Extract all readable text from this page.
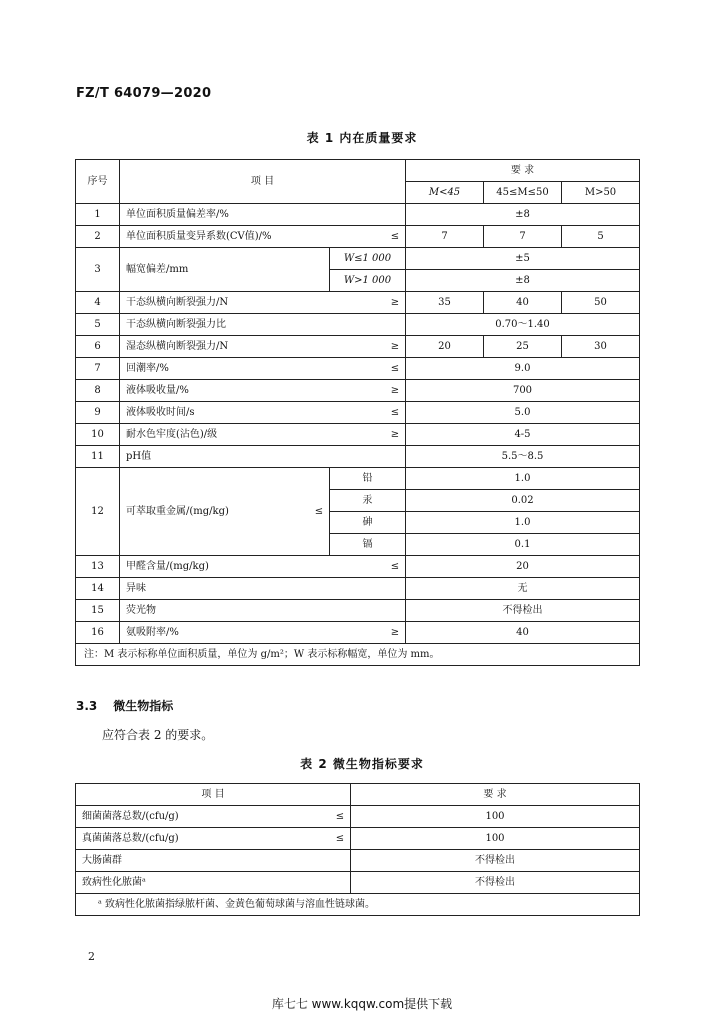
FZ/T 64079—2020
表 1 内在质量要求
序号	项 目		要 求		
			M<45	45≤M≤50	M>50
1	单位面积质量偏差率/%		±8		
2	单位面积质量变异系数(CV值)/% ≤		7	7	5
3	幅宽偏差/mm	W≤1 000	±5		
		W>1 000	±8		
4	干态纵横向断裂强力/N ≥		35	40	50
5	干态纵横向断裂强力比		0.70～1.40		
6	湿态纵横向断裂强力/N ≥		20	25	30
7	回潮率/% ≤		9.0		
8	液体吸收量/% ≥		700		
9	液体吸收时间/s ≤		5.0		
10	耐水色牢度(沾色)/级 ≥		4-5		
11	pH值		5.5～8.5		
12	可萃取重金属/(mg/kg) ≤	铅	1.0		
		汞	0.02		
		砷	1.0		
		镉	0.1		
13	甲醛含量/(mg/kg) ≤		20		
14	异味		无		
15	荧光物		不得检出		
16	氨吸附率/% ≥		40		
注：M 表示标称单位面积质量，单位为 g/m²；W 表示标称幅宽，单位为 mm。					
3.3 微生物指标
应符合表 2 的要求。
表 2 微生物指标要求
项 目	要 求

细菌菌落总数/(cfu/g) ≤	100

真菌菌落总数/(cfu/g) ≤	100
大肠菌群	不得检出
致病性化脓菌ᵃ	不得检出
ᵃ 致病性化脓菌指绿脓杆菌、金黄色葡萄球菌与溶血性链球菌。	
2
库七七 www.kqqw.com提供下载
